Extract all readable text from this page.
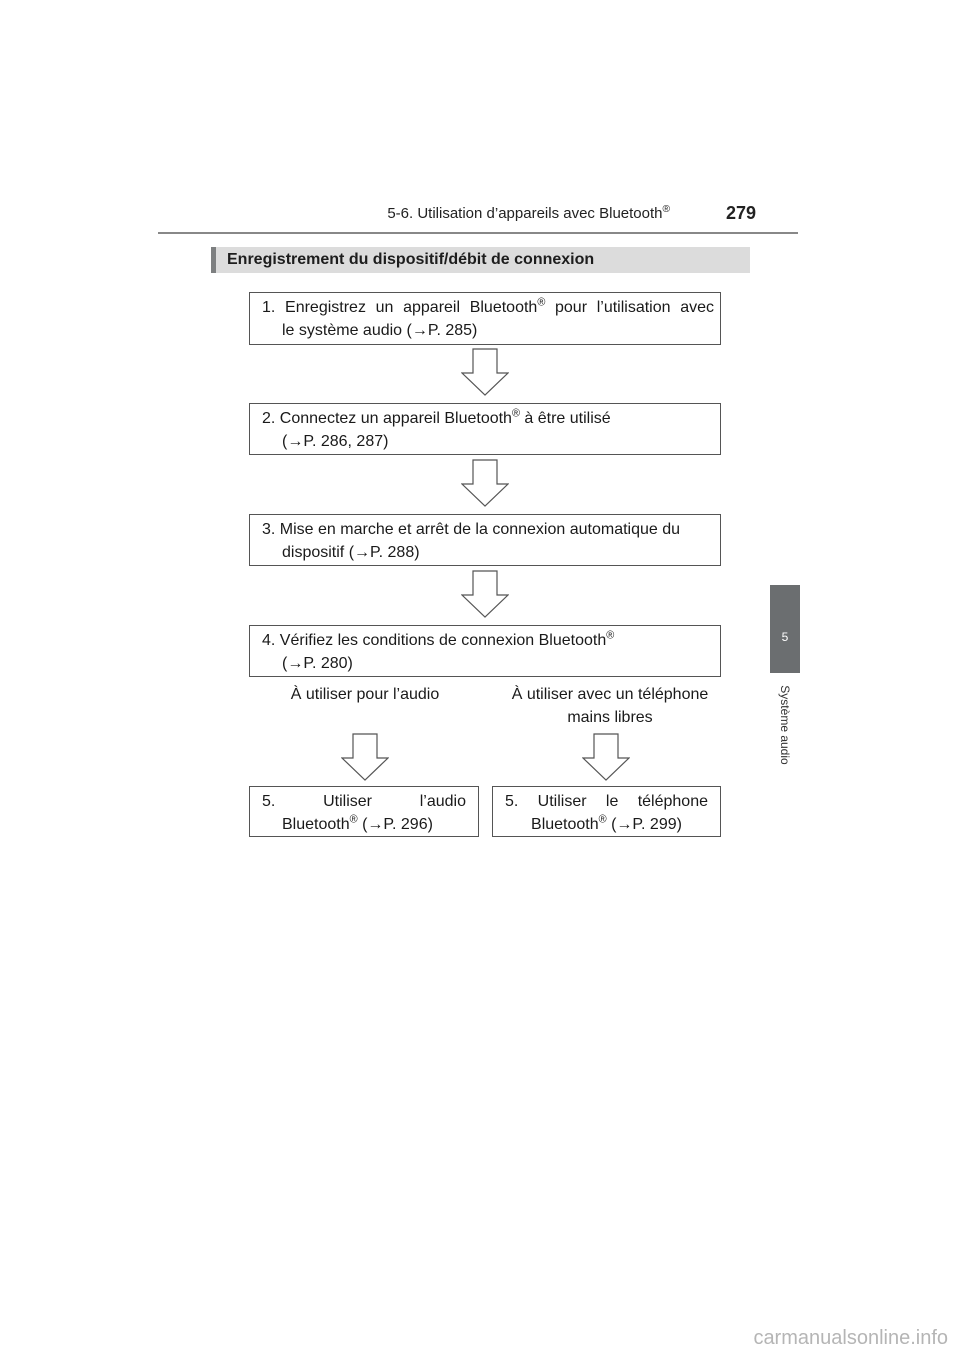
5-6. Utilisation d’appareils avec Bluetooth®	279
5
Système audio
Enregistrement du dispositif/débit de connexion
1. Enregistrez un appareil Bluetooth® pour l’utilisation avec
le système audio (→P. 285)
2. Connectez un appareil Bluetooth® à être utilisé
(→P. 286, 287)
3. Mise en marche et arrêt de la connexion automatique du
dispositif (→P. 288)
4. Vérifiez les conditions de connexion Bluetooth®
(→P. 280)
À utiliser pour l’audio	À utiliser avec un téléphone
mains libres
5. Utiliser l’audio
Bluetooth® (→P. 296)
5. Utiliser le téléphone
Bluetooth® (→P. 299)
carmanualsonline.info
